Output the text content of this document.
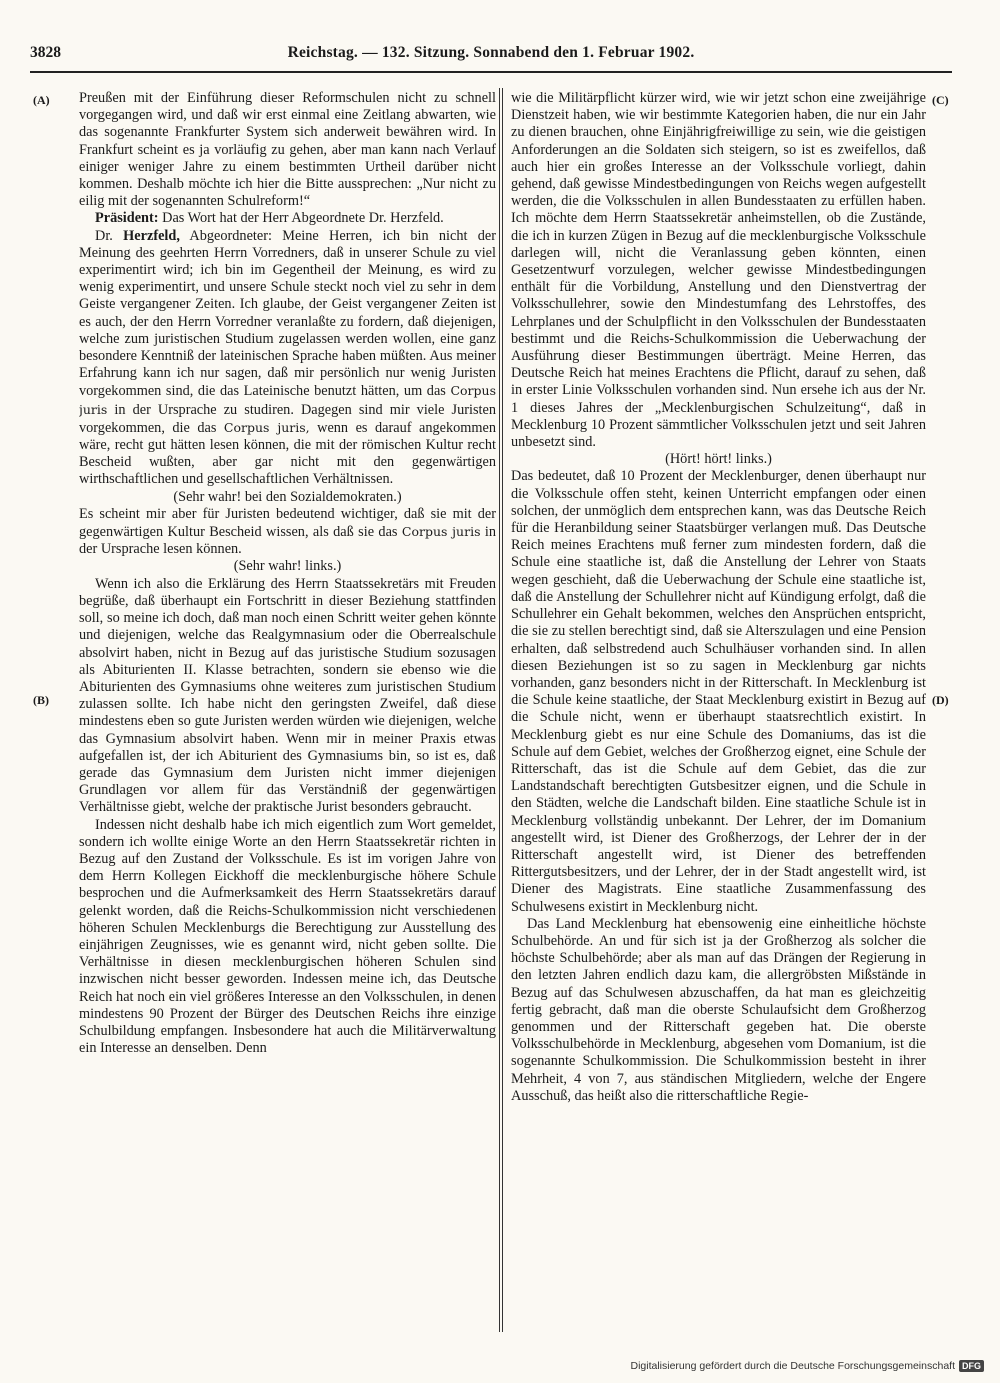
3828	Reichstag. — 132. Sitzung. Sonnabend den 1. Februar 1902.
(A)
(B)
(C)
(D)

Preußen mit der Einführung dieser Reformschulen nicht zu schnell vorgegangen wird, und daß wir erst einmal eine Zeitlang abwarten, wie das sogenannte Frankfurter System sich anderweit bewähren wird. In Frankfurt scheint es ja vorläufig zu gehen, aber man kann nach Verlauf einiger weniger Jahre zu einem bestimmten Urtheil darüber nicht kommen. Deshalb möchte ich hier die Bitte aussprechen: „Nur nicht zu eilig mit der sogenannten Schulreform!“

Präsident: Das Wort hat der Herr Abgeordnete Dr. Herzfeld.

Dr. Herzfeld, Abgeordneter: Meine Herren, ich bin nicht der Meinung des geehrten Herrn Vorredners, daß in unserer Schule zu viel experimentirt wird; ich bin im Gegentheil der Meinung, es wird zu wenig experimentirt, und unsere Schule steckt noch viel zu sehr in dem Geiste vergangener Zeiten. Ich glaube, der Geist vergangener Zeiten ist es auch, der den Herrn Vorredner veranlaßte zu fordern, daß diejenigen, welche zum juristischen Studium zugelassen werden wollen, eine ganz besondere Kenntniß der lateinischen Sprache haben müßten. Aus meiner Erfahrung kann ich nur sagen, daß mir persönlich nur wenig Juristen vorgekommen sind, die das Lateinische benutzt hätten, um das Corpus juris in der Ursprache zu studiren. Dagegen sind mir viele Juristen vorgekommen, die das Corpus juris, wenn es darauf angekommen wäre, recht gut hätten lesen können, die mit der römischen Kultur recht Bescheid wußten, aber gar nicht mit den gegenwärtigen wirthschaftlichen und gesellschaftlichen Verhältnissen.

(Sehr wahr! bei den Sozialdemokraten.)

Es scheint mir aber für Juristen bedeutend wichtiger, daß sie mit der gegenwärtigen Kultur Bescheid wissen, als daß sie das Corpus juris in der Ursprache lesen können.

(Sehr wahr! links.)

Wenn ich also die Erklärung des Herrn Staatssekretärs mit Freuden begrüße, daß überhaupt ein Fortschritt in dieser Beziehung stattfinden soll, so meine ich doch, daß man noch einen Schritt weiter gehen könnte und diejenigen, welche das Realgymnasium oder die Oberrealschule absolvirt haben, nicht in Bezug auf das juristische Studium sozusagen als Abiturienten II. Klasse betrachten, sondern sie ebenso wie die Abiturienten des Gymnasiums ohne weiteres zum juristischen Studium zulassen sollte. Ich habe nicht den geringsten Zweifel, daß diese mindestens eben so gute Juristen werden würden wie diejenigen, welche das Gymnasium absolvirt haben. Wenn mir in meiner Praxis etwas aufgefallen ist, der ich Abiturient des Gymnasiums bin, so ist es, daß gerade das Gymnasium dem Juristen nicht immer diejenigen Grundlagen vor allem für das Verständniß der gegenwärtigen Verhältnisse giebt, welche der praktische Jurist besonders gebraucht.

Indessen nicht deshalb habe ich mich eigentlich zum Wort gemeldet, sondern ich wollte einige Worte an den Herrn Staatssekretär richten in Bezug auf den Zustand der Volksschule. Es ist im vorigen Jahre von dem Herrn Kollegen Eickhoff die mecklenburgische höhere Schule besprochen und die Aufmerksamkeit des Herrn Staatssekretärs darauf gelenkt worden, daß die Reichs-Schulkommission nicht verschiedenen höheren Schulen Mecklenburgs die Berechtigung zur Ausstellung des einjährigen Zeugnisses, wie es genannt wird, nicht geben sollte. Die Verhältnisse in diesen mecklenburgischen höheren Schulen sind inzwischen nicht besser geworden. Indessen meine ich, das Deutsche Reich hat noch ein viel größeres Interesse an den Volksschulen, in denen mindestens 90 Prozent der Bürger des Deutschen Reichs ihre einzige Schulbildung empfangen. Insbesondere hat auch die Militärverwaltung ein Interesse an denselben. Denn

wie die Militärpflicht kürzer wird, wie wir jetzt schon eine zweijährige Dienstzeit haben, wie wir bestimmte Kategorien haben, die nur ein Jahr zu dienen brauchen, ohne Einjährigfreiwillige zu sein, wie die geistigen Anforderungen an die Soldaten sich steigern, so ist es zweifellos, daß auch hier ein großes Interesse an der Volksschule vorliegt, dahin gehend, daß gewisse Mindestbedingungen von Reichs wegen aufgestellt werden, die die Volksschulen in allen Bundesstaaten zu erfüllen haben. Ich möchte dem Herrn Staatssekretär anheimstellen, ob die Zustände, die ich in kurzen Zügen in Bezug auf die mecklenburgische Volksschule darlegen will, nicht die Veranlassung geben könnten, einen Gesetzentwurf vorzulegen, welcher gewisse Mindestbedingungen enthält für die Vorbildung, Anstellung und den Dienstvertrag der Volksschullehrer, sowie den Mindestumfang des Lehrstoffes, des Lehrplanes und der Schulpflicht in den Volksschulen der Bundesstaaten bestimmt und die Reichs-Schulkommission die Ueberwachung der Ausführung dieser Bestimmungen überträgt. Meine Herren, das Deutsche Reich hat meines Erachtens die Pflicht, darauf zu sehen, daß in erster Linie Volksschulen vorhanden sind. Nun ersehe ich aus der Nr. 1 dieses Jahres der „Mecklenburgischen Schulzeitung“, daß in Mecklenburg 10 Prozent sämmtlicher Volksschulen jetzt und seit Jahren unbesetzt sind.

(Hört! hört! links.)

Das bedeutet, daß 10 Prozent der Mecklenburger, denen überhaupt nur die Volksschule offen steht, keinen Unterricht empfangen oder einen solchen, der unmöglich dem entsprechen kann, was das Deutsche Reich für die Heranbildung seiner Staatsbürger verlangen muß. Das Deutsche Reich meines Erachtens muß ferner zum mindesten fordern, daß die Schule eine staatliche ist, daß die Anstellung der Lehrer von Staats wegen geschieht, daß die Ueberwachung der Schule eine staatliche ist, daß die Anstellung der Schullehrer nicht auf Kündigung erfolgt, daß die Schullehrer ein Gehalt bekommen, welches den Ansprüchen entspricht, die sie zu stellen berechtigt sind, daß sie Alterszulagen und eine Pension erhalten, daß selbstredend auch Schulhäuser vorhanden sind. In allen diesen Beziehungen ist so zu sagen in Mecklenburg gar nichts vorhanden, ganz besonders nicht in der Ritterschaft. In Mecklenburg ist die Schule keine staatliche, der Staat Mecklenburg existirt in Bezug auf die Schule nicht, wenn er überhaupt staatsrechtlich existirt. In Mecklenburg giebt es nur eine Schule des Domaniums, das ist die Schule auf dem Gebiet, welches der Großherzog eignet, eine Schule der Ritterschaft, das ist die Schule auf dem Gebiet, das die zur Landstandschaft berechtigten Gutsbesitzer eignen, und die Schule in den Städten, welche die Landschaft bilden. Eine staatliche Schule ist in Mecklenburg vollständig unbekannt. Der Lehrer, der im Domanium angestellt wird, ist Diener des Großherzogs, der Lehrer der in der Ritterschaft angestellt wird, ist Diener des betreffenden Rittergutsbesitzers, und der Lehrer, der in der Stadt angestellt wird, ist Diener des Magistrats. Eine staatliche Zusammenfassung des Schulwesens existirt in Mecklenburg nicht.

Das Land Mecklenburg hat ebensowenig eine einheitliche höchste Schulbehörde. An und für sich ist ja der Großherzog als solcher die höchste Schulbehörde; aber als man auf das Drängen der Regierung in den letzten Jahren endlich dazu kam, die allergröbsten Mißstände in Bezug auf das Schulwesen abzuschaffen, da hat man es gleichzeitig fertig gebracht, daß man die oberste Schulaufsicht dem Großherzog genommen und der Ritterschaft gegeben hat. Die oberste Volksschulbehörde in Mecklenburg, abgesehen vom Domanium, ist die sogenannte Schulkommission. Die Schulkommission besteht in ihrer Mehrheit, 4 von 7, aus ständischen Mitgliedern, welche der Engere Ausschuß, das heißt also die ritterschaftliche Regie-

Digitalisierung gefördert durch die Deutsche Forschungsgemeinschaft DFG
